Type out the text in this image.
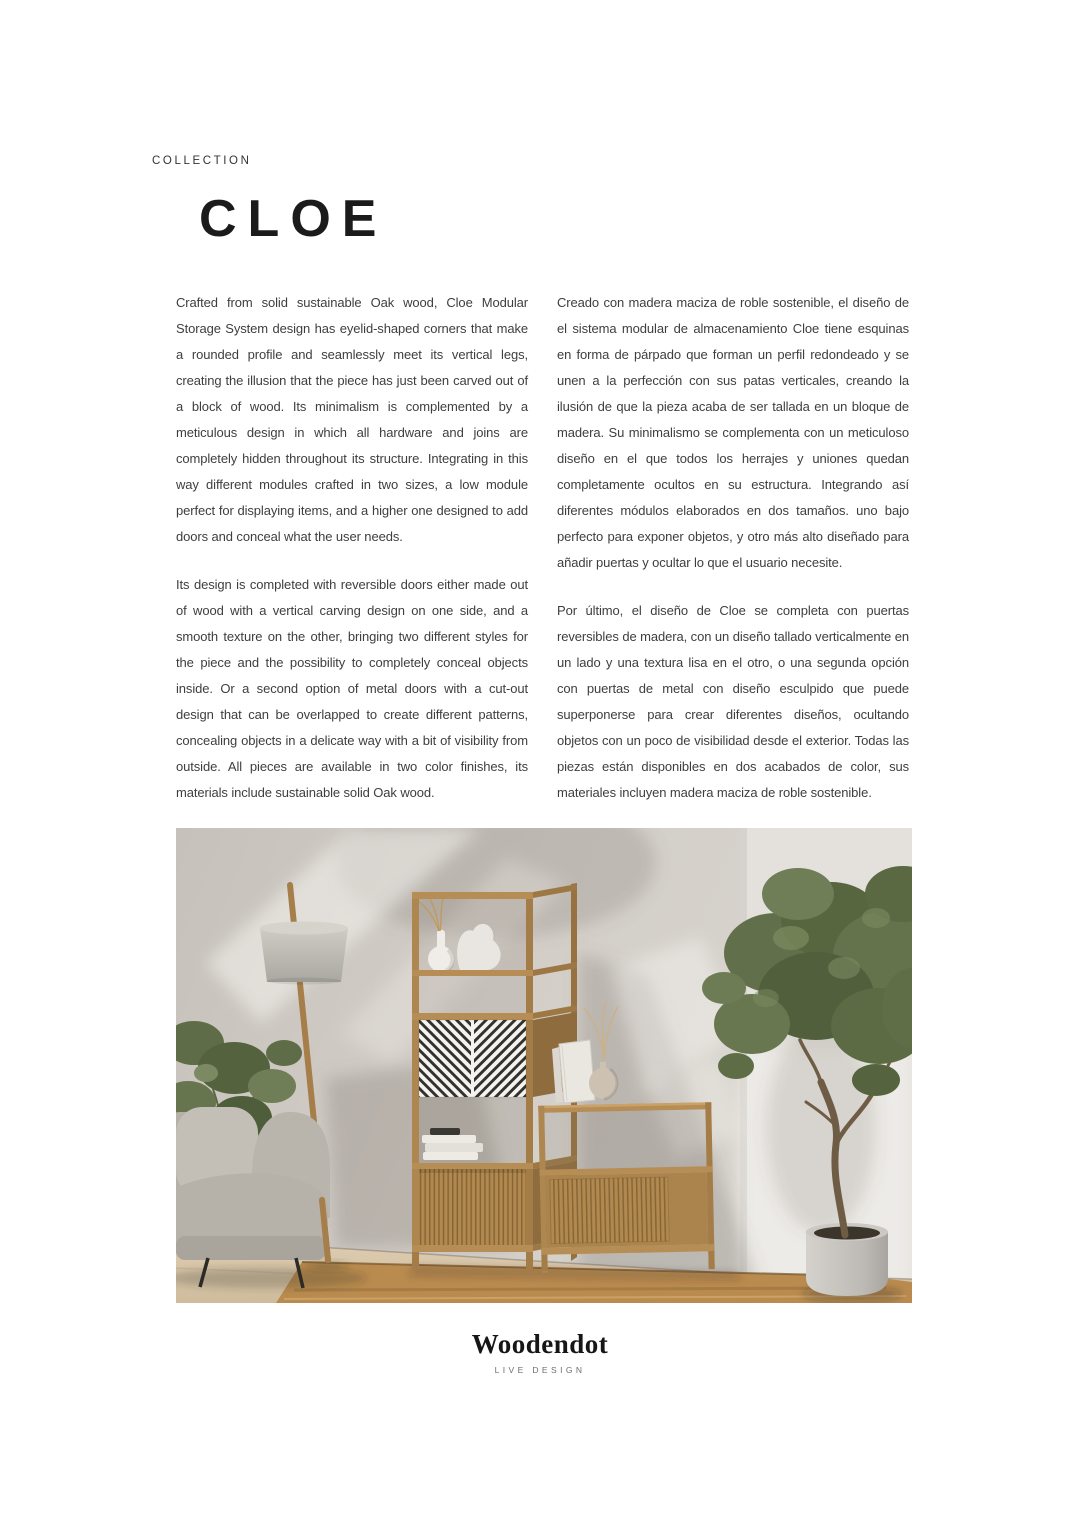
COLLECTION
CLOE

Crafted from solid sustainable Oak wood, Cloe Modular Storage System design has eyelid-shaped corners that make a rounded profile and seamlessly meet its vertical legs, creating the illusion that the piece has just been carved out of a block of wood. Its minimalism is complemented by a meticulous design in which all hardware and joins are completely hidden throughout its structure. Integrating in this way different modules crafted in two sizes, a low module perfect for displaying items, and a higher one designed to add doors and conceal what the user needs.

Its design is completed with reversible doors either made out of wood with a vertical carving design on one side, and a smooth texture on the other, bringing two different styles for the piece and the possibility to completely conceal objects inside. Or a second option of metal doors with a cut-out design that can be overlapped to create different patterns, concealing objects in a delicate way with a bit of visibility from outside. All pieces are available in two color finishes, its materials include sustainable solid Oak wood.

Creado con madera maciza de roble sostenible, el diseño de el sistema modular de almacenamiento Cloe tiene esquinas en forma de párpado que forman un perfil redondeado y se unen a la perfección con sus patas verticales, creando la ilusión de que la pieza acaba de ser tallada en un bloque de madera. Su minimalismo se complementa con un meticuloso diseño en el que todos los herrajes y uniones quedan completamente ocultos en su estructura. Integrando así diferentes módulos elaborados en dos tamaños. uno bajo perfecto para exponer objetos, y otro más alto diseñado para añadir puertas y ocultar lo que el usuario necesite.

Por último, el diseño de Cloe se completa con puertas reversibles de madera, con un diseño tallado verticalmente en un lado y una textura lisa en el otro, o una segunda opción con puertas de metal con diseño esculpido que puede superponerse para crear diferentes diseños, ocultando objetos con un poco de visibilidad desde el exterior. Todas las piezas están disponibles en dos acabados de color, sus materiales incluyen madera maciza de roble sostenible.

Woodendot
LIVE DESIGN
